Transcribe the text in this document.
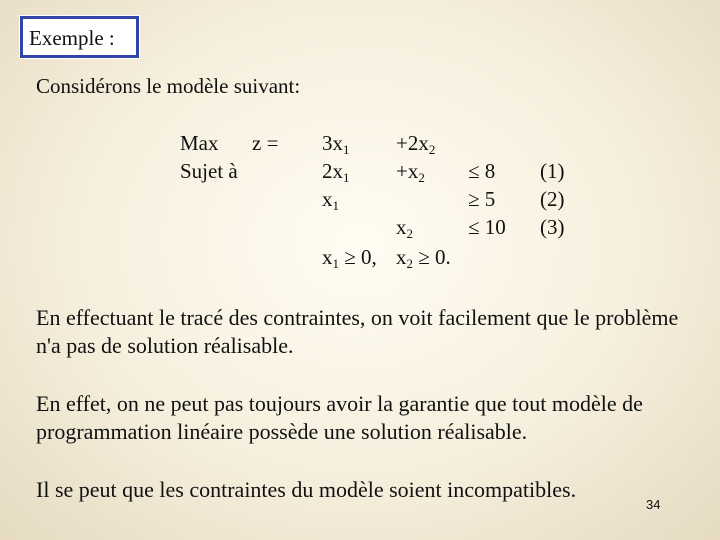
Exemple :
Considérons le modèle suivant:
Max z =
Sujet à
$3x_1 +2x_2$
$2x_1 +x_2 \le 8$ (1)
$x_1$	≥ 5 (2)
$x_2$	≤ 10 (3)
$x_1 \ge 0$, $x_2 \ge 0$.
En effectuant le tracé des contraintes, on voit facilement que le problème n'a pas de solution réalisable.
En effet, on ne peut pas toujours avoir la garantie que tout modèle de programmation linéaire possède une solution réalisable.
Il se peut que les contraintes du modèle soient incompatibles.
34
